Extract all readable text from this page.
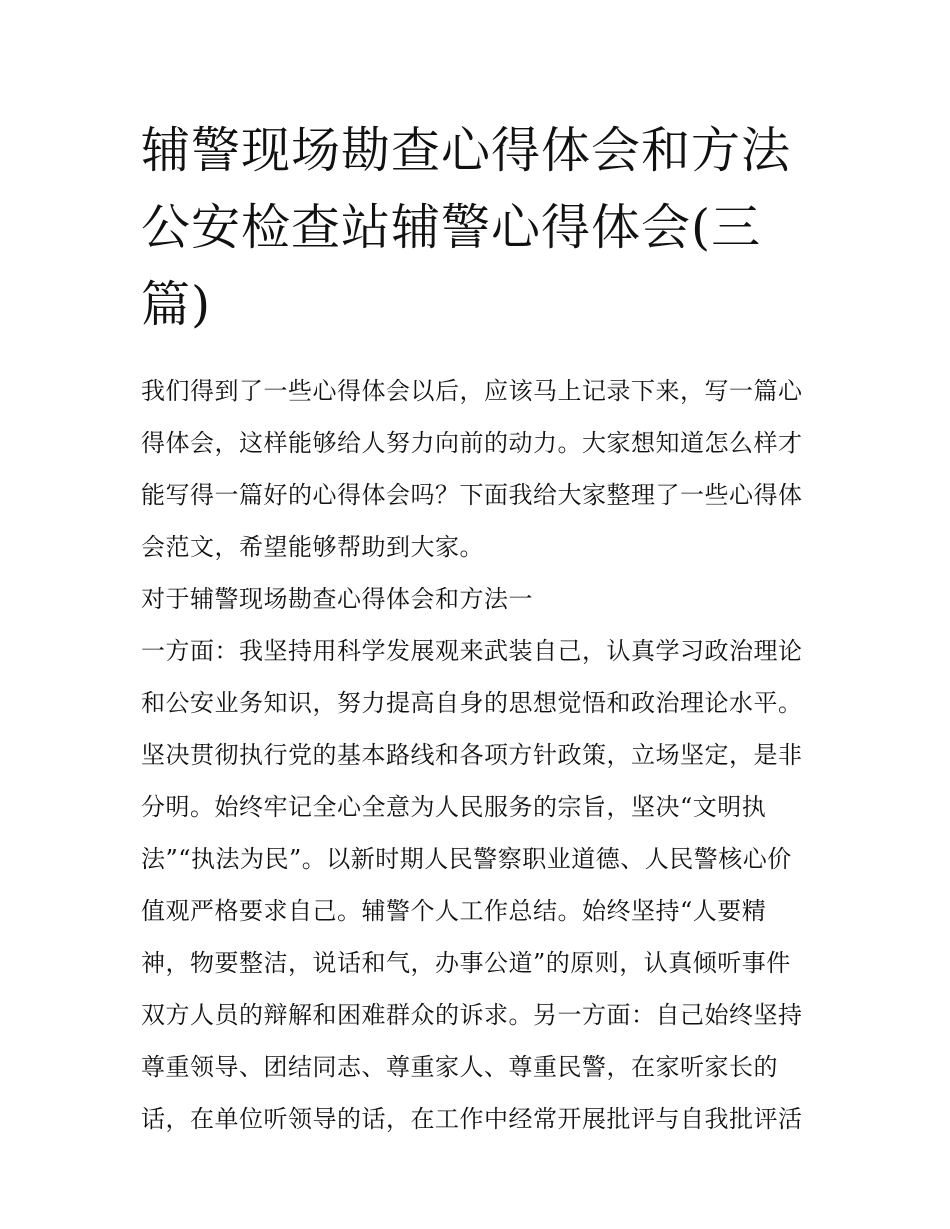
辅警现场勘查心得体会和方法
公安检查站辅警心得体会(三
篇)

我们得到了一些心得体会以后，应该马上记录下来，写一篇心
得体会，这样能够给人努力向前的动力。大家想知道怎么样才
能写得一篇好的心得体会吗？下面我给大家整理了一些心得体
会范文，希望能够帮助到大家。

对于辅警现场勘查心得体会和方法一

一方面：我坚持用科学发展观来武装自己，认真学习政治理论
和公安业务知识，努力提高自身的思想觉悟和政治理论水平。
坚决贯彻执行党的基本路线和各项方针政策，立场坚定，是非
分明。始终牢记全心全意为人民服务的宗旨，坚决“文明执
法”“执法为民”。以新时期人民警察职业道德、人民警核心价
值观严格要求自己。辅警个人工作总结。始终坚持“人要精
神，物要整洁，说话和气，办事公道”的原则，认真倾听事件
双方人员的辩解和困难群众的诉求。另一方面：自己始终坚持
尊重领导、团结同志、尊重家人、尊重民警，在家听家长的
话，在单位听领导的话，在工作中经常开展批评与自我批评活
